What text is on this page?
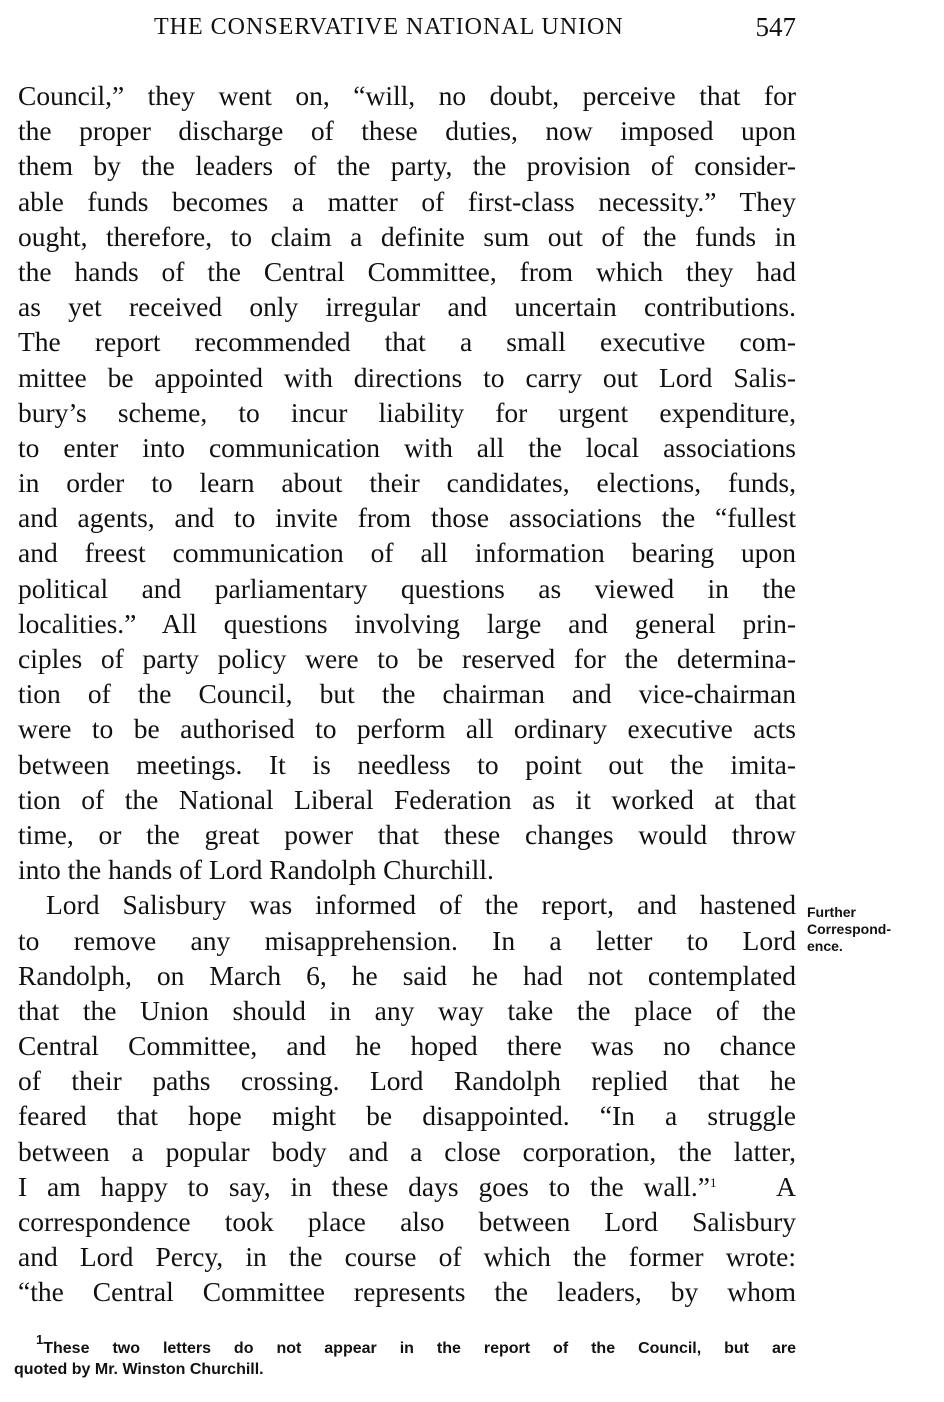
THE CONSERVATIVE NATIONAL UNION	547
Council,” they went on, “will, no doubt, perceive that for
the proper discharge of these duties, now imposed upon
them by the leaders of the party, the provision of consider-
able funds becomes a matter of first-class necessity.” They
ought, therefore, to claim a definite sum out of the funds in
the hands of the Central Committee, from which they had
as yet received only irregular and uncertain contributions.
The report recommended that a small executive com-
mittee be appointed with directions to carry out Lord Salis-
bury’s scheme, to incur liability for urgent expenditure,
to enter into communication with all the local associations
in order to learn about their candidates, elections, funds,
and agents, and to invite from those associations the “fullest
and freest communication of all information bearing upon
political and parliamentary questions as viewed in the
localities.” All questions involving large and general prin-
ciples of party policy were to be reserved for the determina-
tion of the Council, but the chairman and vice-chairman
were to be authorised to perform all ordinary executive acts
between meetings. It is needless to point out the imita-
tion of the National Liberal Federation as it worked at that
time, or the great power that these changes would throw
into the hands of Lord Randolph Churchill.
Lord Salisbury was informed of the report, and hastened
to remove any misapprehension. In a letter to Lord
Randolph, on March 6, he said he had not contemplated
that the Union should in any way take the place of the
Central Committee, and he hoped there was no chance
of their paths crossing. Lord Randolph replied that he
feared that hope might be disappointed. “In a struggle
between a popular body and a close corporation, the latter,
I am happy to say, in these days goes to the wall.”$^1$ A
correspondence took place also between Lord Salisbury
and Lord Percy, in the course of which the former wrote:
“the Central Committee represents the leaders, by whom
Further
Correspond-
ence.
$^1$These two letters do not appear in the report of the Council, but are
quoted by Mr. Winston Churchill.
